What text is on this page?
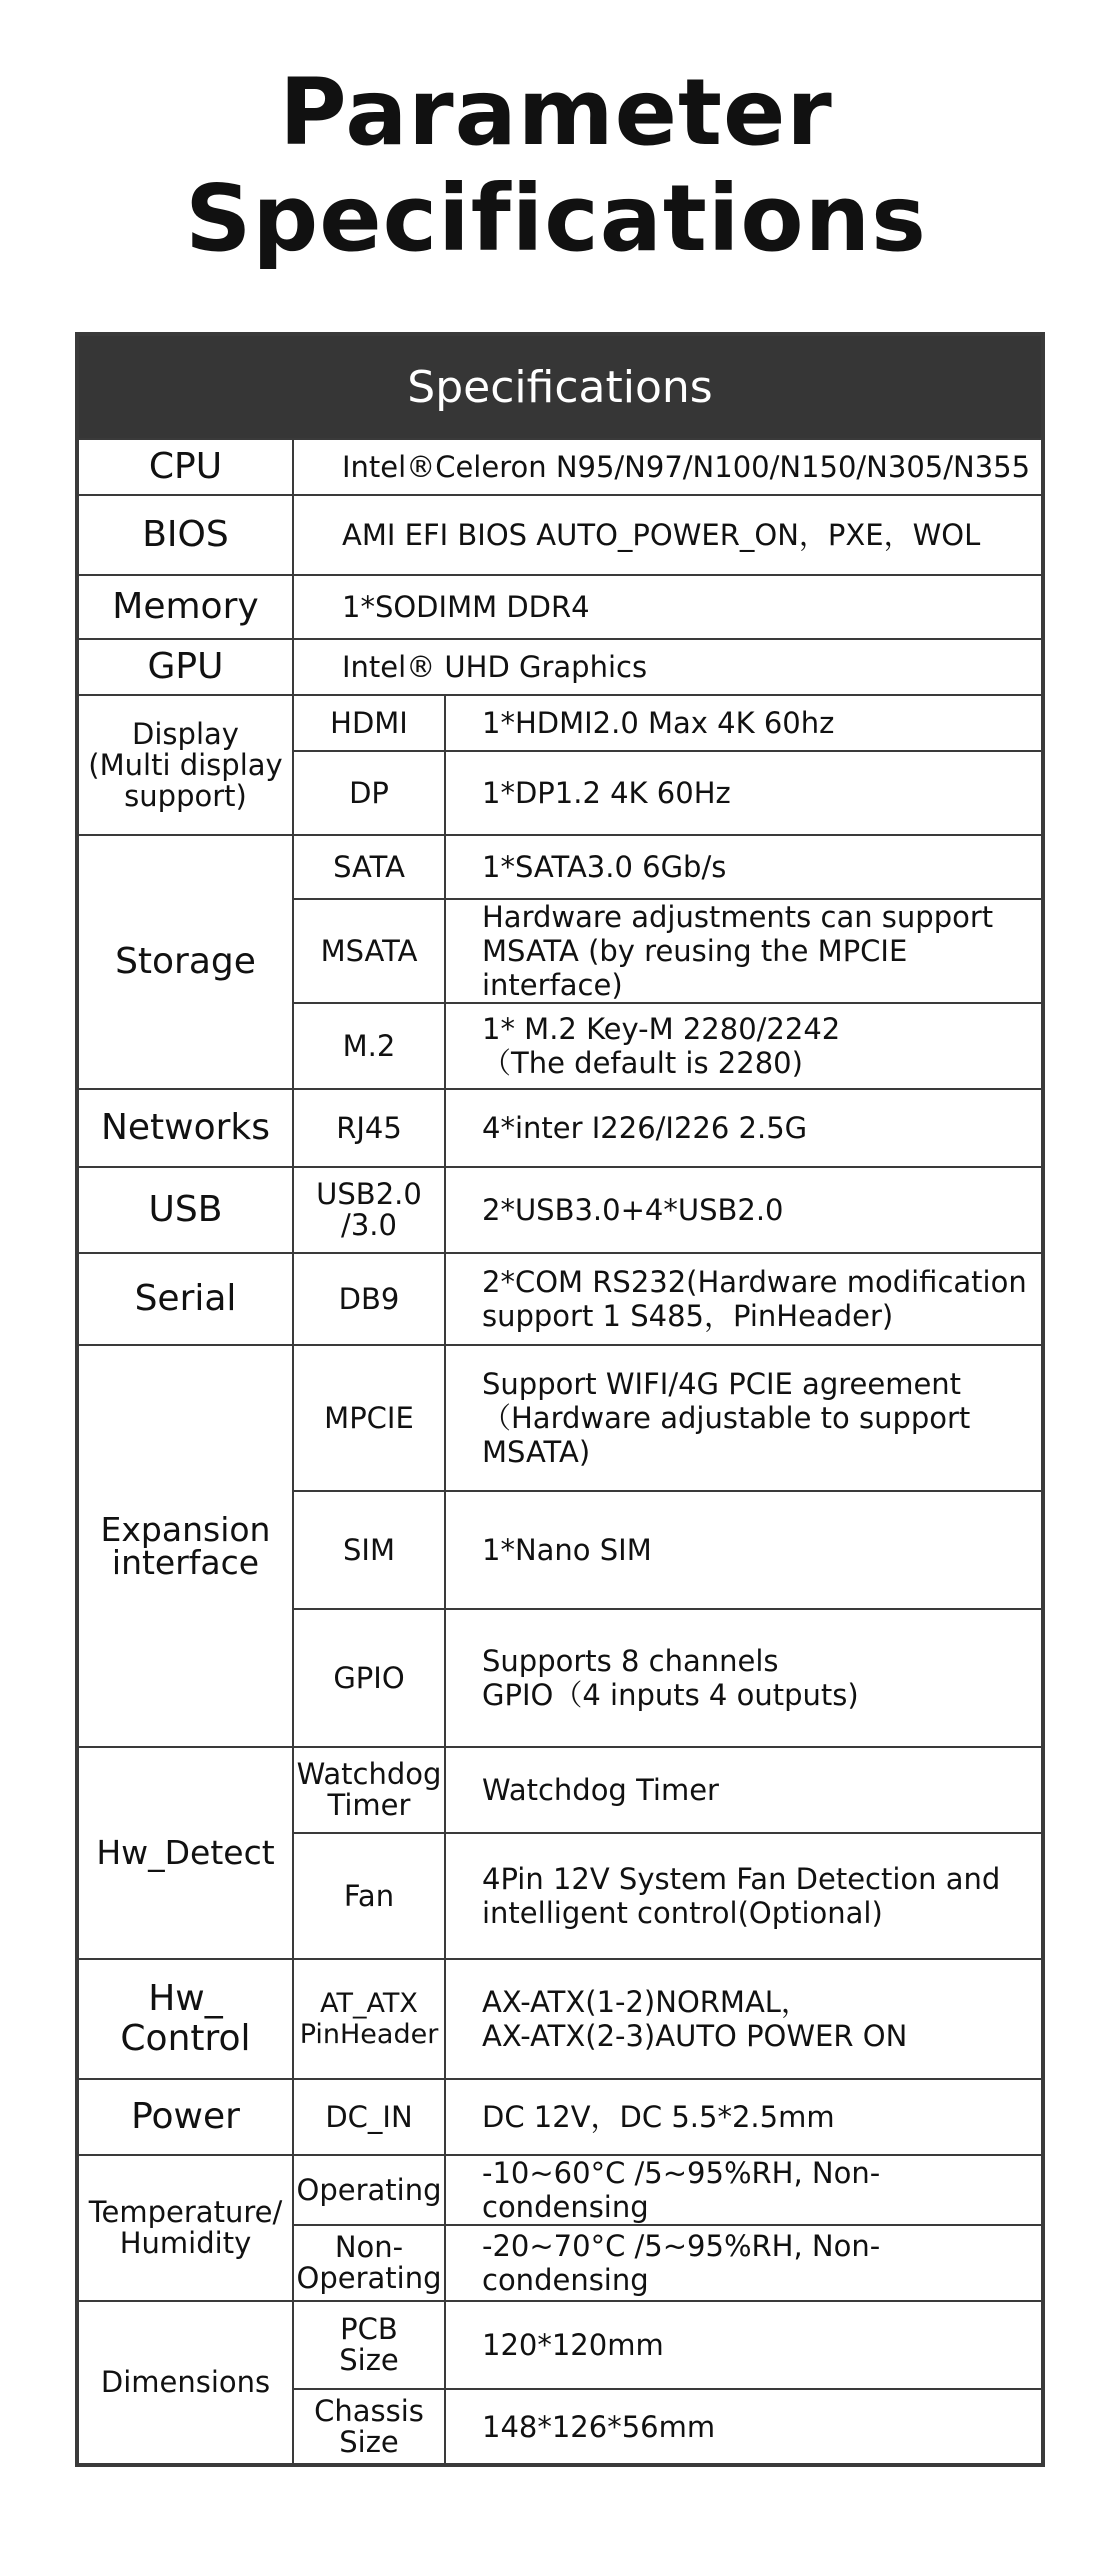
Parameter
Specifications
Specifications		
CPU	Intel®Celeron N95/N97/N100/N150/N305/N355	
BIOS	AMI EFI BIOS AUTO_POWER_ON，PXE，WOL	
Memory	1*SODIMM DDR4	
GPU	Intel® UHD Graphics	
Display
(Multi display
support)	HDMI	1*HDMI2.0 Max 4K 60hz
	DP	1*DP1.2 4K 60Hz
Storage	SATA	1*SATA3.0 6Gb/s
	MSATA	Hardware adjustments can support
MSATA (by reusing the MPCIE interface)
	M.2	1* M.2 Key-M 2280/2242
（The default is 2280)
Networks	RJ45	4*inter I226/I226 2.5G
USB	USB2.0
/3.0	2*USB3.0+4*USB2.0
Serial	DB9	2*COM RS232(Hardware modification
support 1 S485，PinHeader)
Expansion
interface	MPCIE	Support WIFI/4G PCIE agreement
（Hardware adjustable to support
MSATA)
	SIM	1*Nano SIM
	GPIO	Supports 8 channels
GPIO（4 inputs 4 outputs)
Hw_Detect	Watchdog
Timer	Watchdog Timer
	Fan	4Pin 12V System Fan Detection and
intelligent control(Optional)
Hw_
Control	AT_ATX
PinHeader	AX-ATX(1-2)NORMAL，
AX-ATX(2-3)AUTO POWER ON
Power	DC_IN	DC 12V，DC 5.5*2.5mm
Temperature/
Humidity	Operating	-10~60°C /5~95%RH, Non-condensing
	Non-
Operating	-20~70°C /5~95%RH, Non-condensing
Dimensions	PCB
Size	120*120mm
	Chassis
Size	148*126*56mm
